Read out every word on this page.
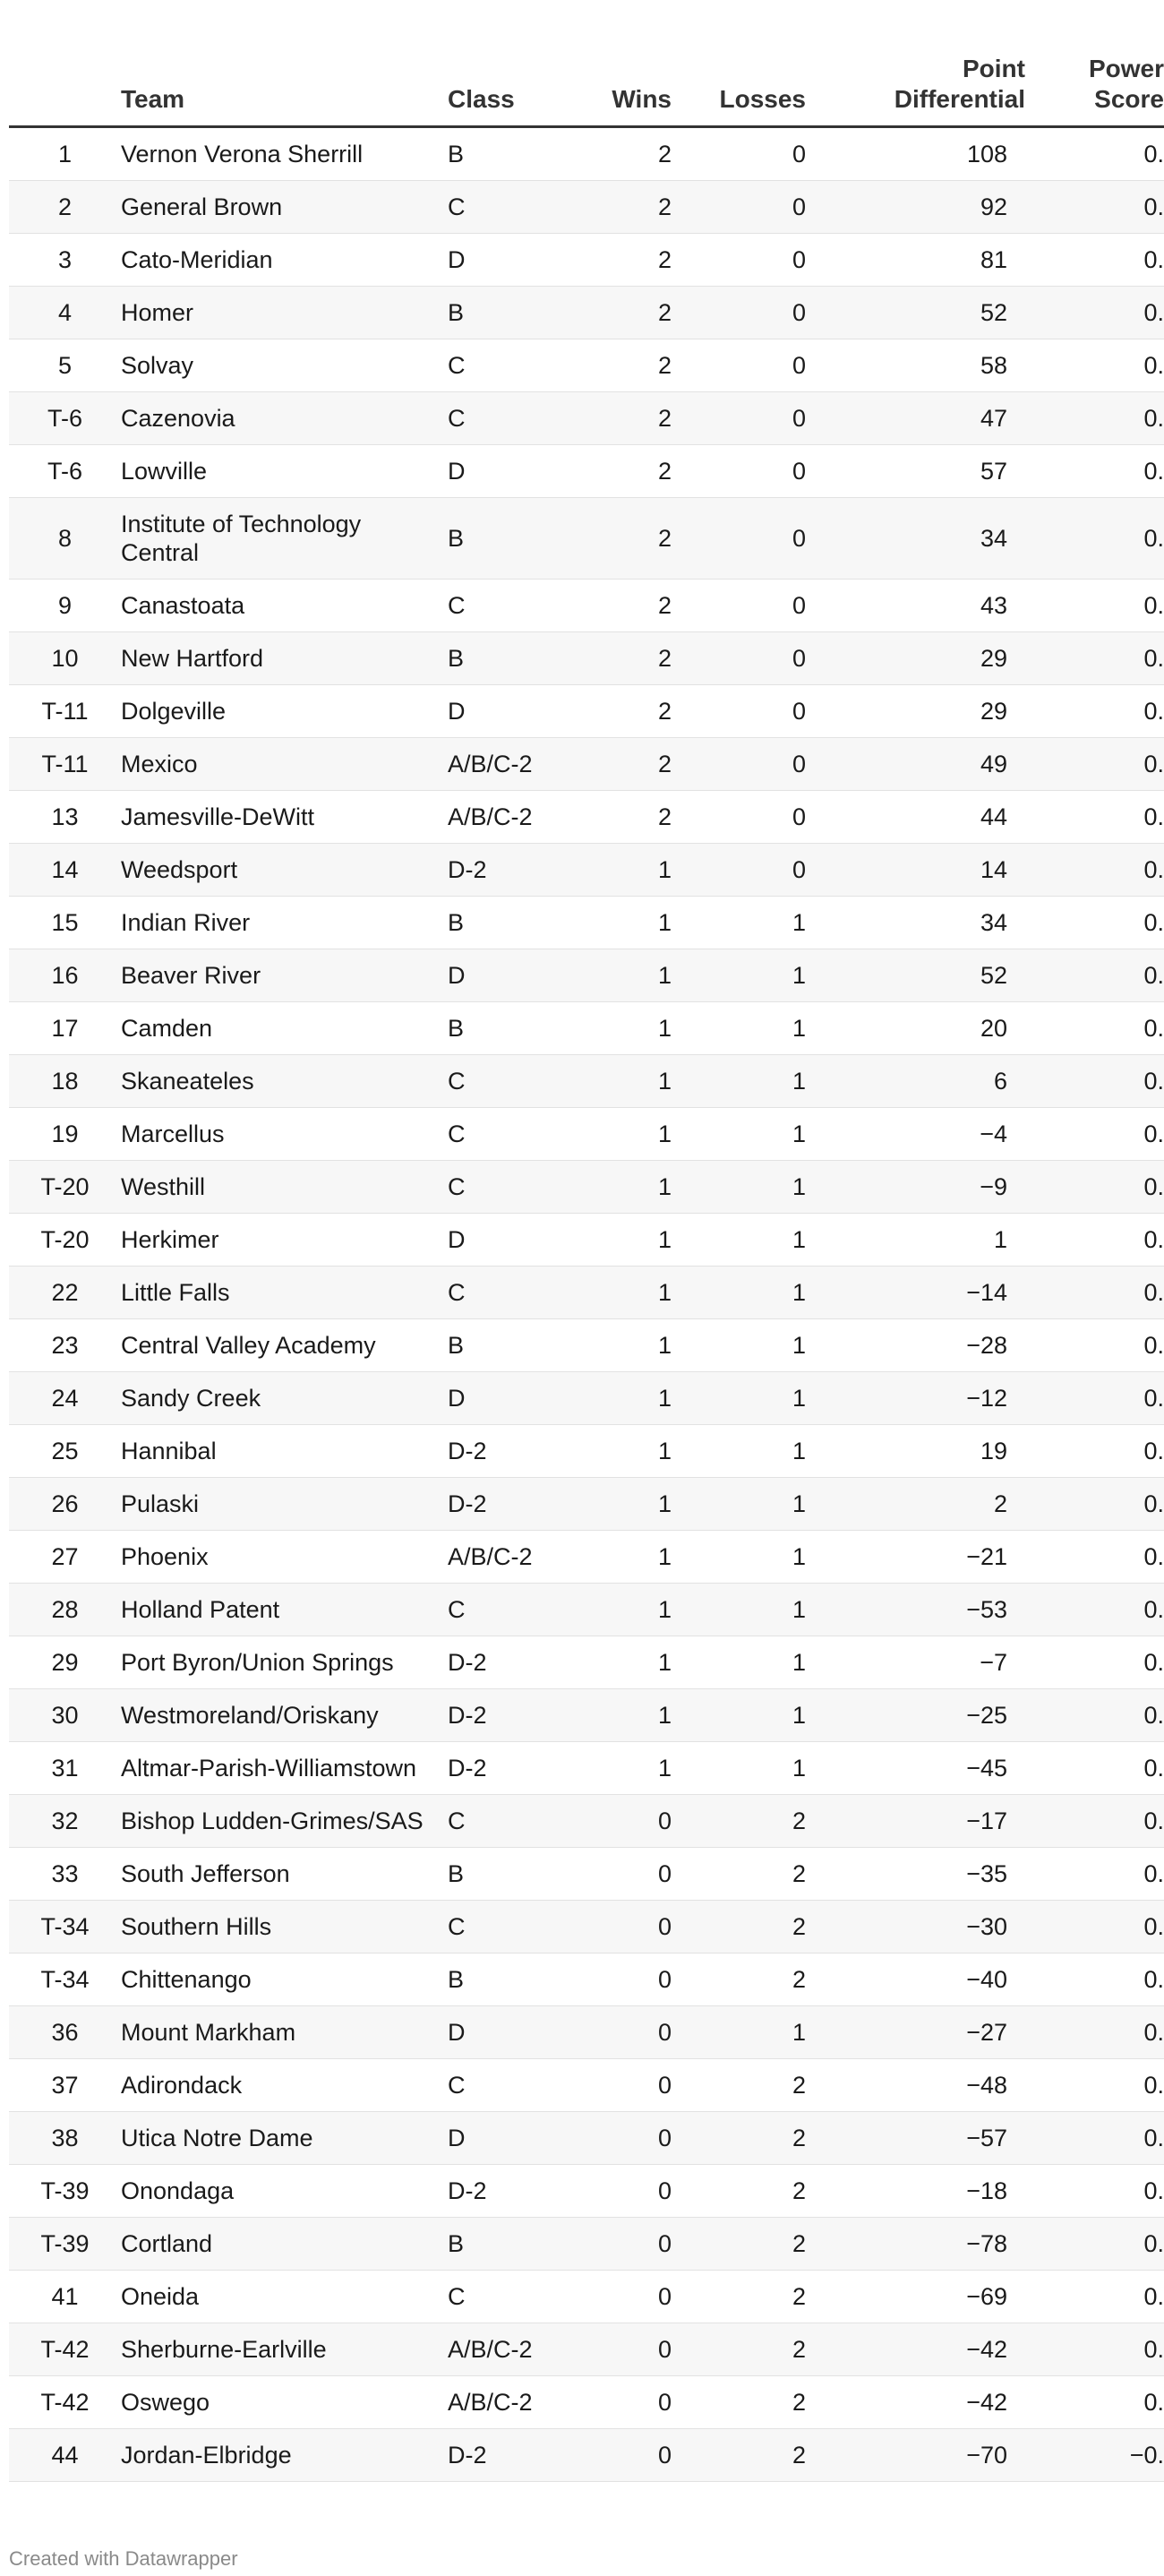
	Team	Class	Wins	Losses	Point Differential	Power Score
1	Vernon Verona Sherrill	B	2	0	108	0.
2	General Brown	C	2	0	92	0.
3	Cato-Meridian	D	2	0	81	0.
4	Homer	B	2	0	52	0.
5	Solvay	C	2	0	58	0.
T-6	Cazenovia	C	2	0	47	0.
T-6	Lowville	D	2	0	57	0.
8	Institute of Technology Central	B	2	0	34	0.
9	Canastoata	C	2	0	43	0.
10	New Hartford	B	2	0	29	0.
T-11	Dolgeville	D	2	0	29	0.
T-11	Mexico	A/B/C-2	2	0	49	0.
13	Jamesville-DeWitt	A/B/C-2	2	0	44	0.
14	Weedsport	D-2	1	0	14	0.
15	Indian River	B	1	1	34	0.
16	Beaver River	D	1	1	52	0.
17	Camden	B	1	1	20	0.
18	Skaneateles	C	1	1	6	0.
19	Marcellus	C	1	1	−4	0.
T-20	Westhill	C	1	1	−9	0.
T-20	Herkimer	D	1	1	1	0.
22	Little Falls	C	1	1	−14	0.
23	Central Valley Academy	B	1	1	−28	0.
24	Sandy Creek	D	1	1	−12	0.
25	Hannibal	D-2	1	1	19	0.
26	Pulaski	D-2	1	1	2	0.
27	Phoenix	A/B/C-2	1	1	−21	0.
28	Holland Patent	C	1	1	−53	0.
29	Port Byron/Union Springs	D-2	1	1	−7	0.
30	Westmoreland/Oriskany	D-2	1	1	−25	0.
31	Altmar-Parish-Williamstown	D-2	1	1	−45	0.
32	Bishop Ludden-Grimes/SAS	C	0	2	−17	0.
33	South Jefferson	B	0	2	−35	0.
T-34	Southern Hills	C	0	2	−30	0.
T-34	Chittenango	B	0	2	−40	0.
36	Mount Markham	D	0	1	−27	0.
37	Adirondack	C	0	2	−48	0.
38	Utica Notre Dame	D	0	2	−57	0.
T-39	Onondaga	D-2	0	2	−18	0.
T-39	Cortland	B	0	2	−78	0.
41	Oneida	C	0	2	−69	0.
T-42	Sherburne-Earlville	A/B/C-2	0	2	−42	0.
T-42	Oswego	A/B/C-2	0	2	−42	0.
44	Jordan-Elbridge	D-2	0	2	−70	−0.
Created with Datawrapper
